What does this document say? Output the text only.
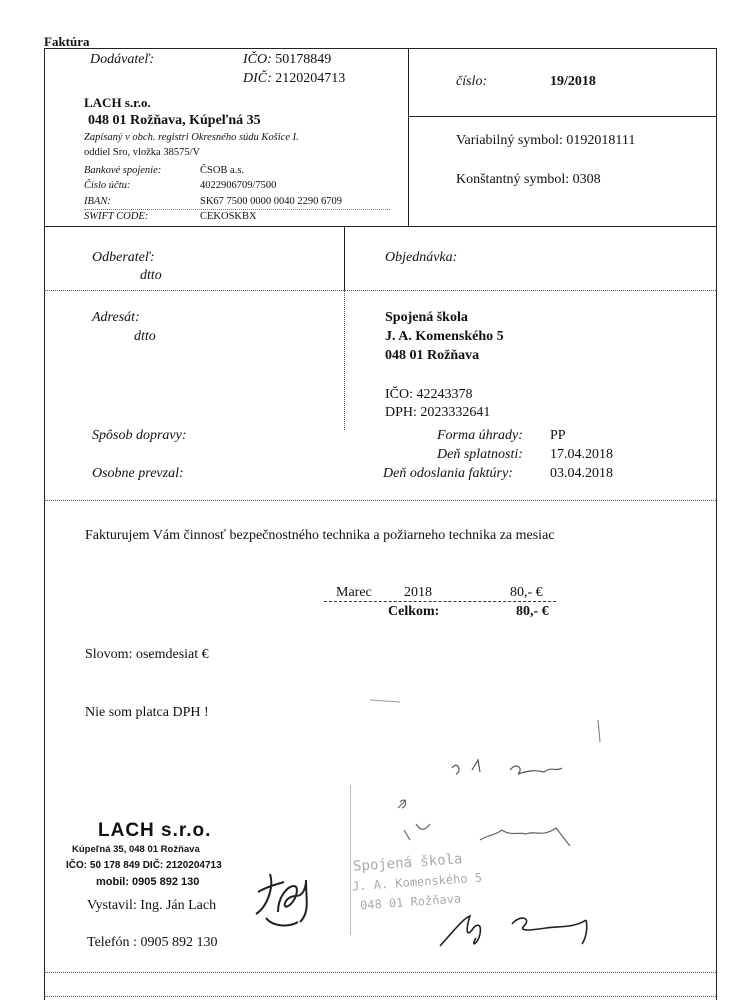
Faktúra
Dodávateľ:	IČO: 50178849
DIČ: 2120204713
LACH s.r.o.
048 01 Rožňava, Kúpeľná 35
Zapísaný v obch. registri Okresného súdu Košice I.
oddiel Sro, vložka 38575/V
Bankové spojenie:	ČSOB a.s.
Číslo účtu:	4022906709/7500
IBAN:	SK67 7500 0000 0040 2290 6709
SWIFT CODE:	CEKOSKBX
číslo:	19/2018
Variabilný symbol: 0192018111
Konštantný symbol: 0308
Odberateľ:
dtto
Objednávka:
Adresát:
dtto
Spojená škola
J. A. Komenského 5
048 01 Rožňava
IČO: 42243378
DPH: 2023332641
Spôsob dopravy:
Osobne prevzal:
Forma úhrady: PP
Deň splatnosti: 17.04.2018
Deň odoslania faktúry:	03.04.2018
Fakturujem Vám činnosť bezpečnostného technika a požiarneho technika za mesiac
Marec 2018	80,- €
Celkom:	80,- €
Slovom: osemdesiat €
Nie som platca DPH !
LACH s.r.o.
Kúpeľná 35, 048 01 Rožňava
IČO: 50 178 849 DIČ: 2120204713
mobil: 0905 892 130
Vystavil: Ing. Ján Lach
Telefón : 0905 892 130
Spojená škola
J. A. Komenského 5
048 01 Rožňava
